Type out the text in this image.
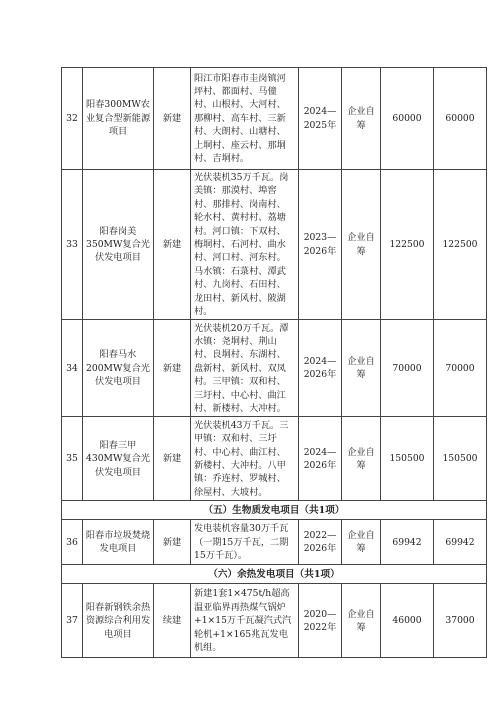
32	阳春300MW农业复合型新能源项目	新建	阳江市阳春市圭岗镇河坪村、都面村、马僮村、山根村、大河村、那柳村、高车村、三新村、大朗村、山塘村、上垌村、座云村、那垌村、吉垌村。	2024—2025年	企业自筹	60000	60000
33	阳春岗美350MW复合光伏发电项目	新建	光伏装机35万千瓦。岗美镇：那漠村、埠窖村、那排村、岗南村、轮水村、黄村村、荔塘村。河口镇：下双村、梅垌村、石河村、曲水村、河口村、河东村。马水镇：石菉村、潭武村、九岗村、石田村、龙田村、新风村、陂湖村。	2023—2026年	企业自筹	122500	122500
34	阳春马水200MW复合光伏发电项目	新建	光伏装机20万千瓦。潭水镇：尧垌村、荆山村、良垌村、东湖村、盘新村、新风村、双凤村。三甲镇：双和村、三圩村、中心村、曲江村、新楼村、大冲村。	2024—2026年	企业自筹	70000	70000
35	阳春三甲430MW复合光伏发电项目	新建	光伏装机43万千瓦。三甲镇：双和村、三圩村、中心村、曲江村、新楼村、大冲村。八甲镇：乔连村、罗城村、徐屋村、大坡村。	2024—2026年	企业自筹	150500	150500
（五）生物质发电项目（共1项）							
36	阳春市垃圾焚烧发电项目	新建	发电装机容量30万千瓦（一期15万千瓦，二期15万千瓦）。	2022—2026年	企业自筹	69942	69942
（六）余热发电项目（共1项）							
37	阳春新钢铁余热资源综合利用发电项目	续建	新建1套1×475t/h超高温亚临界再热煤气锅炉+1×15万千瓦凝汽式汽轮机+1×165兆瓦发电机组。	2020—2022年	企业自筹	46000	37000
